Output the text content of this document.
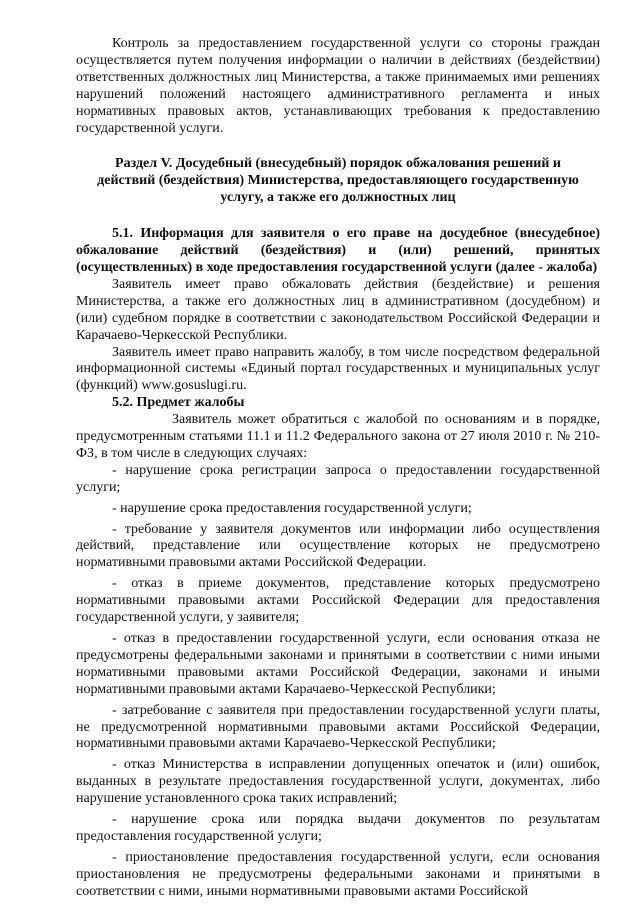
Контроль за предоставлением государственной услуги со стороны граждан осуществляется путем получения информации о наличии в действиях (бездействии) ответственных должностных лиц Министерства, а также принимаемых ими решениях нарушений положений настоящего административного регламента и иных нормативных правовых актов, устанавливающих требования к предоставлению государственной услуги.

Раздел V. Досудебный (внесудебный) порядок обжалования решений и действий (бездействия) Министерства, предоставляющего государственную услугу, а также его должностных лиц

5.1. Информация для заявителя о его праве на досудебное (внесудебное) обжалование действий (бездействия) и (или) решений, принятых (осуществленных) в ходе предоставления государственной услуги (далее - жалоба)

Заявитель имеет право обжаловать действия (бездействие) и решения Министерства, а также его должностных лиц в административном (досудебном) и (или) судебном порядке в соответствии с законодательством Российской Федерации и Карачаево-Черкесской Республики.

Заявитель имеет право направить жалобу, в том числе посредством федеральной информационной системы «Единый портал государственных и муниципальных услуг (функций) www.gosuslugi.ru.

5.2. Предмет жалобы

Заявитель может обратиться с жалобой по основаниям и в порядке, предусмотренным статьями 11.1 и 11.2 Федерального закона от 27 июля 2010 г. № 210-ФЗ, в том числе в следующих случаях:

- нарушение срока регистрации запроса о предоставлении государственной услуги;

- нарушение срока предоставления государственной услуги;

- требование у заявителя документов или информации либо осуществления действий, представление или осуществление которых не предусмотрено нормативными правовыми актами Российской Федерации.

- отказ в приеме документов, представление которых предусмотрено нормативными правовыми актами Российской Федерации для предоставления государственной услуги, у заявителя;

- отказ в предоставлении государственной услуги, если основания отказа не предусмотрены федеральными законами и принятыми в соответствии с ними иными нормативными правовыми актами Российской Федерации, законами и иными нормативными правовыми актами Карачаево-Черкесской Республики;

- затребование с заявителя при предоставлении государственной услуги платы, не предусмотренной нормативными правовыми актами Российской Федерации, нормативными правовыми актами Карачаево-Черкесской Республики;

- отказ Министерства в исправлении допущенных опечаток и (или) ошибок, выданных в результате предоставления государственной услуги, документах, либо нарушение установленного срока таких исправлений;

- нарушение срока или порядка выдачи документов по результатам предоставления государственной услуги;

- приостановление предоставления государственной услуги, если основания приостановления не предусмотрены федеральными законами и принятыми в соответствии с ними, иными нормативными правовыми актами Российской
